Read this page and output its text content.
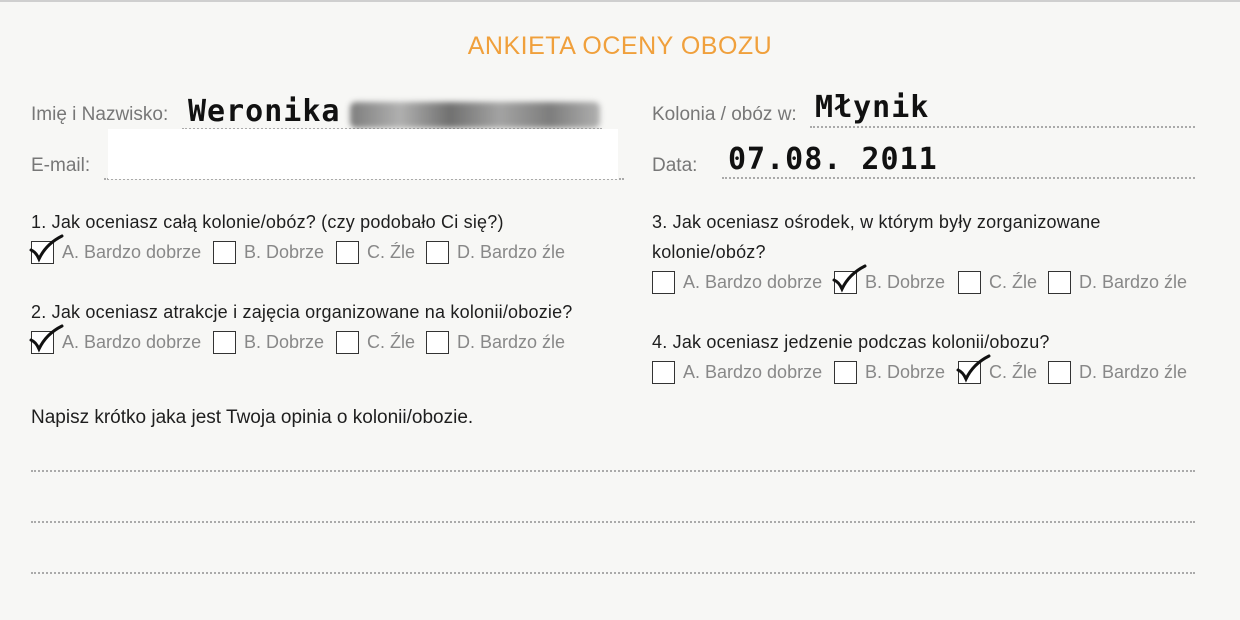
ANKIETA OCENY OBOZU
Imię i Nazwisko: Weronika
E-mail:
Kolonia / obóz w: Młynik
Data: 07.08. 2011
1. Jak oceniasz całą kolonie/obóz? (czy podobało Ci się?)
A. Bardzo dobrze B. Dobrze C. Źle D. Bardzo źle
2. Jak oceniasz atrakcje i zajęcia organizowane na kolonii/obozie?
A. Bardzo dobrze B. Dobrze C. Źle D. Bardzo źle
3. Jak oceniasz ośrodek, w którym były zorganizowane
kolonie/obóz?
A. Bardzo dobrze B. Dobrze C. Źle D. Bardzo źle
4. Jak oceniasz jedzenie podczas kolonii/obozu?
A. Bardzo dobrze B. Dobrze C. Źle D. Bardzo źle
Napisz krótko jaka jest Twoja opinia o kolonii/obozie.
